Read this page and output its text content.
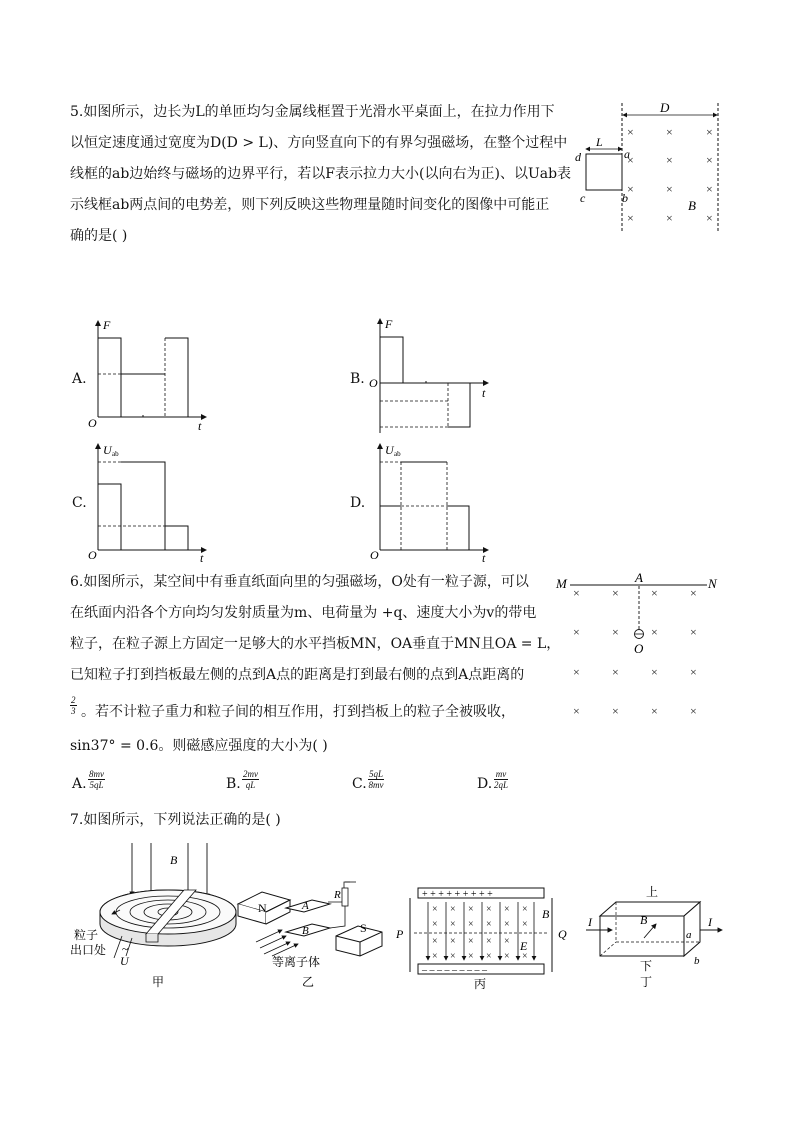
5.如图所示，边长为L的单匝均匀金属线框置于光滑水平桌面上，在拉力作用下
以恒定速度通过宽度为D(D > L)、方向竖直向下的有界匀强磁场，在整个过程中
线框的ab边始终与磁场的边界平行，若以F表示拉力大小(以向右为正)、以Uab表
示线框ab两点间的电势差，则下列反映这些物理量随时间变化的图像中可能正
确的是( )
D
L
d	a
c	b	B
×	×	×
×	×	×
×	×	×
×	×	×
A.	B.
C.	D.
F
O	t
F
O
t
U ab
O	t
U ab
O	t
6.如图所示，某空间中有垂直纸面向里的匀强磁场，O处有一粒子源，可以
在纸面内沿各个方向均匀发射质量为m、电荷量为 +q、速度大小为v的带电
粒子，在粒子源上方固定一足够大的水平挡板MN，OA垂直于MN且OA = L，
已知粒子打到挡板最左侧的点到A点的距离是打到最右侧的点到A点距离的
$\frac{2}{3}$ 。若不计粒子重力和粒子间的相互作用，打到挡板上的粒子全被吸收，
sin37° = 0.6。则磁感应强度的大小为( )
A. $\frac{8mv}{5qL}$	B. $\frac{2mv}{qL}$	C. $\frac{5qL}{8mv}$	D. $\frac{mv}{2qL}$
M	N
A
O
×	×	×	×
×	×	×	×
×	×	×	×
×	×	×	×
7.如图所示，下列说法正确的是( )
B
U
~
粒子
出口处
甲
N	A
B
R
S
等离子体
乙
+ + + + + + + + +
– – – – – – – – –
P	Q
× × × × × ×
× × × × × ×
× × × × ×
× × × × × ×
B
E
丙
上
I	I
B
a
b
下
丁
